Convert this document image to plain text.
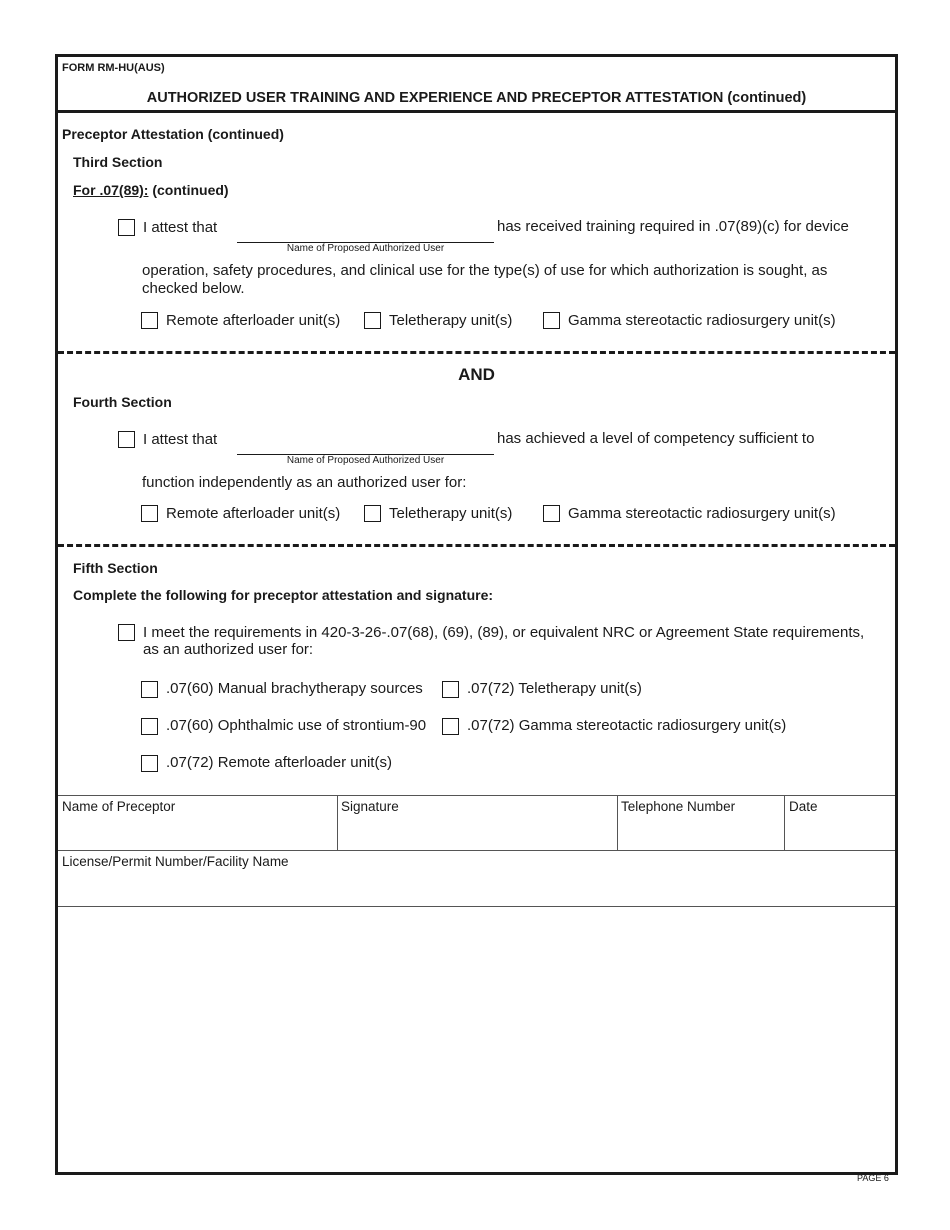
FORM RM-HU(AUS)
AUTHORIZED USER TRAINING AND EXPERIENCE AND PRECEPTOR ATTESTATION (continued)
Preceptor Attestation (continued)
Third Section
For .07(89): (continued)
I attest that
Name of Proposed Authorized User
has received training required in .07(89)(c) for device
operation, safety procedures, and clinical use for the type(s) of use for which authorization is sought, as
checked below.
Remote afterloader unit(s)	Teletherapy unit(s)	Gamma stereotactic radiosurgery unit(s)
AND
Fourth Section
I attest that
Name of Proposed Authorized User
has achieved a level of competency sufficient to
function independently as an authorized user for:
Remote afterloader unit(s)	Teletherapy unit(s)	Gamma stereotactic radiosurgery unit(s)
Fifth Section
Complete the following for preceptor attestation and signature:
I meet the requirements in 420-3-26-.07(68), (69), (89), or equivalent NRC or Agreement State requirements,
as an authorized user for:
.07(60) Manual brachytherapy sources	.07(72) Teletherapy unit(s)
.07(60) Ophthalmic use of strontium-90	.07(72) Gamma stereotactic radiosurgery unit(s)
.07(72) Remote afterloader unit(s)
Name of Preceptor	Signature	Telephone Number	Date
License/Permit Number/Facility Name
PAGE 6
